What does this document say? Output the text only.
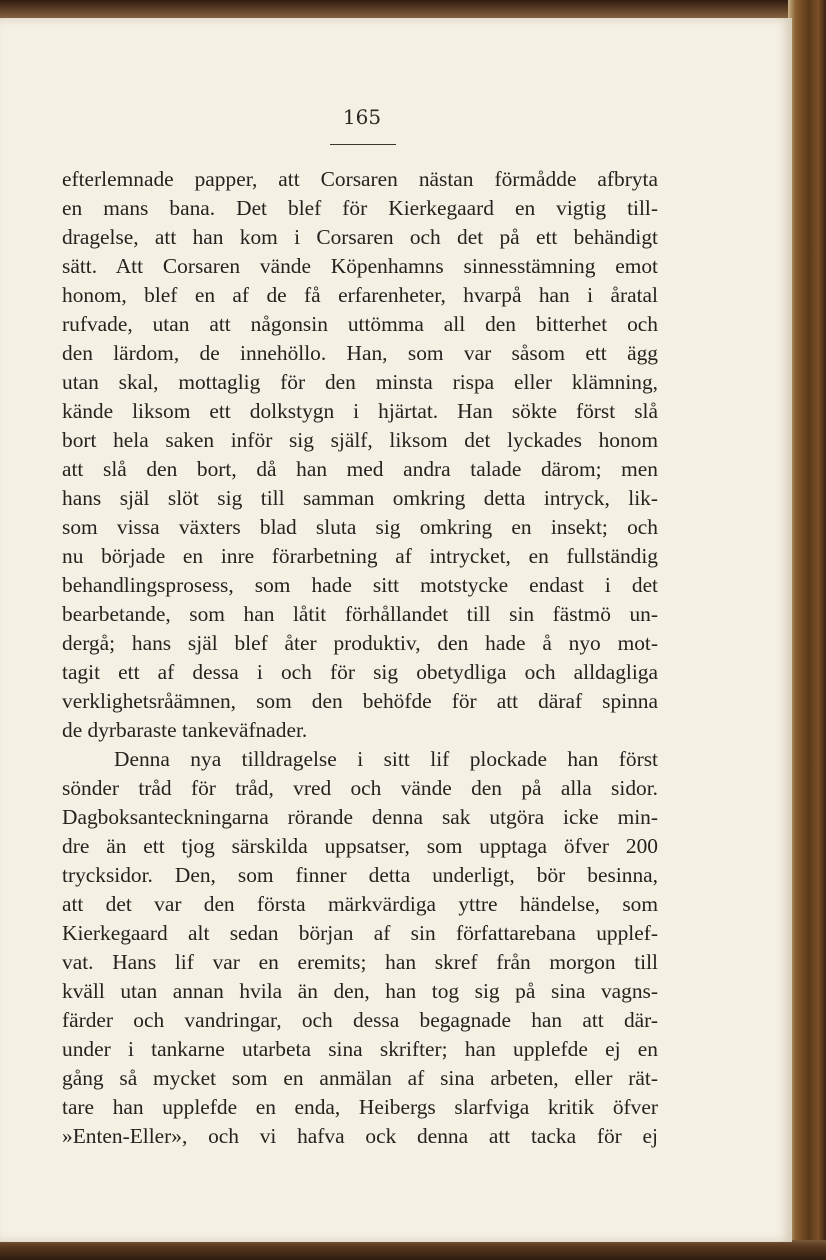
165
efterlemnade papper, att Corsaren nästan förmådde afbryta
en mans bana. Det blef för Kierkegaard en vigtig till-
dragelse, att han kom i Corsaren och det på ett behändigt
sätt. Att Corsaren vände Köpenhamns sinnesstämning emot
honom, blef en af de få erfarenheter, hvarpå han i åratal
rufvade, utan att någonsin uttömma all den bitterhet och
den lärdom, de innehöllo. Han, som var såsom ett ägg
utan skal, mottaglig för den minsta rispa eller klämning,
kände liksom ett dolkstygn i hjärtat. Han sökte först slå
bort hela saken inför sig själf, liksom det lyckades honom
att slå den bort, då han med andra talade därom; men
hans själ slöt sig till samman omkring detta intryck, lik-
som vissa växters blad sluta sig omkring en insekt; och
nu började en inre förarbetning af intrycket, en fullständig
behandlingsprosess, som hade sitt motstycke endast i det
bearbetande, som han låtit förhållandet till sin fästmö un-
dergå; hans själ blef åter produktiv, den hade å nyo mot-
tagit ett af dessa i och för sig obetydliga och alldagliga
verklighetsråämnen, som den behöfde för att däraf spinna
de dyrbaraste tankeväfnader.
Denna nya tilldragelse i sitt lif plockade han först
sönder tråd för tråd, vred och vände den på alla sidor.
Dagboksanteckningarna rörande denna sak utgöra icke min-
dre än ett tjog särskilda uppsatser, som upptaga öfver 200
trycksidor. Den, som finner detta underligt, bör besinna,
att det var den första märkvärdiga yttre händelse, som
Kierkegaard alt sedan början af sin författarebana upplef-
vat. Hans lif var en eremits; han skref från morgon till
kväll utan annan hvila än den, han tog sig på sina vagns-
färder och vandringar, och dessa begagnade han att där-
under i tankarne utarbeta sina skrifter; han upplefde ej en
gång så mycket som en anmälan af sina arbeten, eller rät-
tare han upplefde en enda, Heibergs slarfviga kritik öfver
»Enten-Eller», och vi hafva ock denna att tacka för ej
